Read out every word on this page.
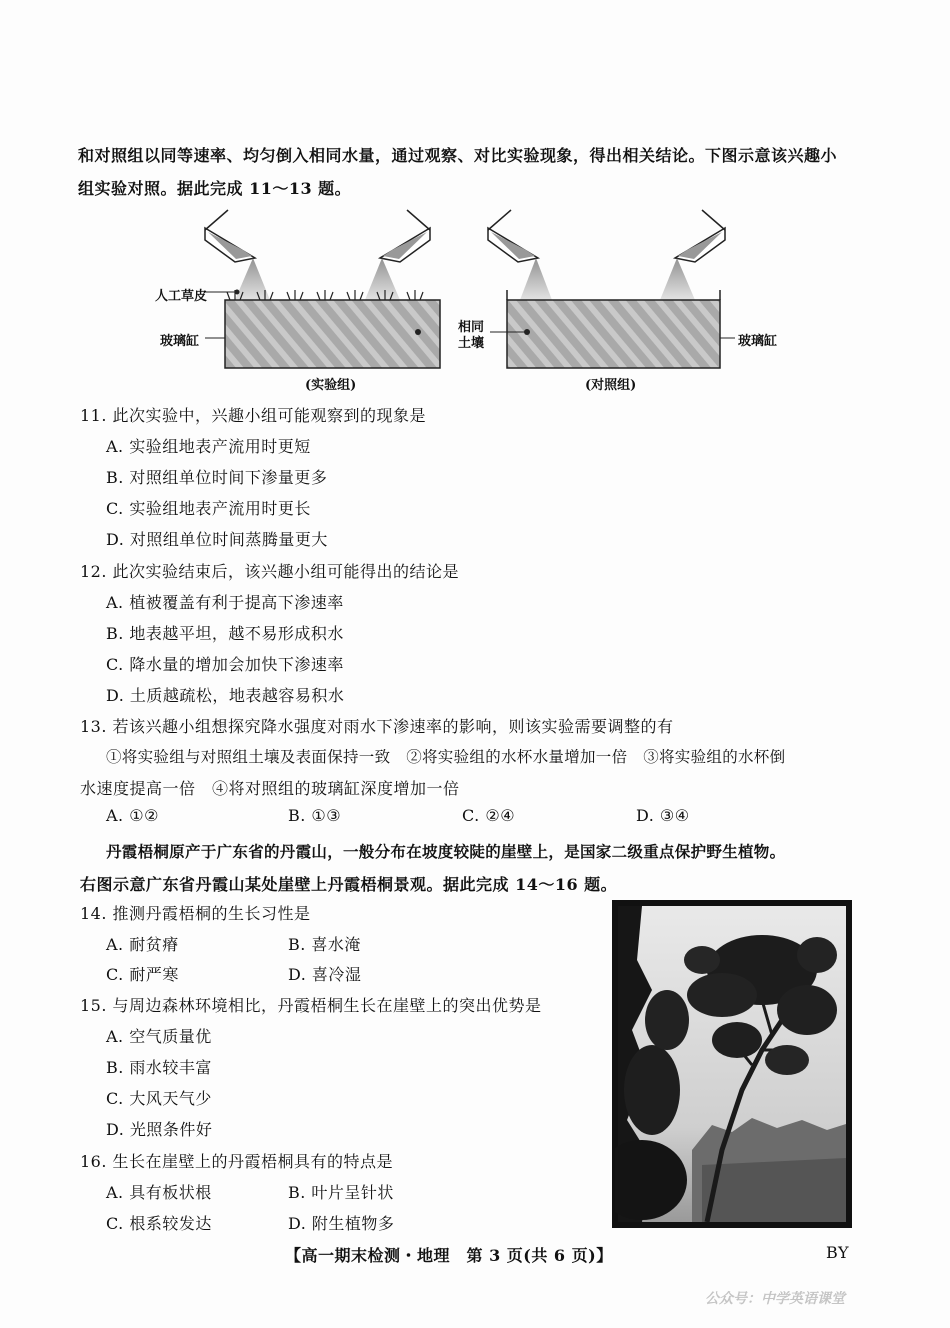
和对照组以同等速率、均匀倒入相同水量，通过观察、对比实验现象，得出相关结论。下图示意该兴趣小
组实验对照。据此完成 11～13 题。
人工草皮
玻璃缸
相同
土壤	玻璃缸
(实验组)	(对照组)
11. 此次实验中，兴趣小组可能观察到的现象是
A. 实验组地表产流用时更短
B. 对照组单位时间下渗量更多
C. 实验组地表产流用时更长
D. 对照组单位时间蒸腾量更大
12. 此次实验结束后，该兴趣小组可能得出的结论是
A. 植被覆盖有利于提高下渗速率
B. 地表越平坦，越不易形成积水
C. 降水量的增加会加快下渗速率
D. 土质越疏松，地表越容易积水
13. 若该兴趣小组想探究降水强度对雨水下渗速率的影响，则该实验需要调整的有
①将实验组与对照组土壤及表面保持一致　②将实验组的水杯水量增加一倍　③将实验组的水杯倒
水速度提高一倍　④将对照组的玻璃缸深度增加一倍
A. ①②	B. ①③	C. ②④	D. ③④
丹霞梧桐原产于广东省的丹霞山，一般分布在坡度较陡的崖壁上，是国家二级重点保护野生植物。
右图示意广东省丹霞山某处崖壁上丹霞梧桐景观。据此完成 14～16 题。
14. 推测丹霞梧桐的生长习性是
A. 耐贫瘠	B. 喜水淹
C. 耐严寒	D. 喜冷湿
15. 与周边森林环境相比，丹霞梧桐生长在崖壁上的突出优势是
A. 空气质量优
B. 雨水较丰富
C. 大风天气少
D. 光照条件好
16. 生长在崖壁上的丹霞梧桐具有的特点是
A. 具有板状根	B. 叶片呈针状
C. 根系较发达	D. 附生植物多
【高一期末检测・地理　第 3 页(共 6 页)】	BY
公众号：中学英语课堂
